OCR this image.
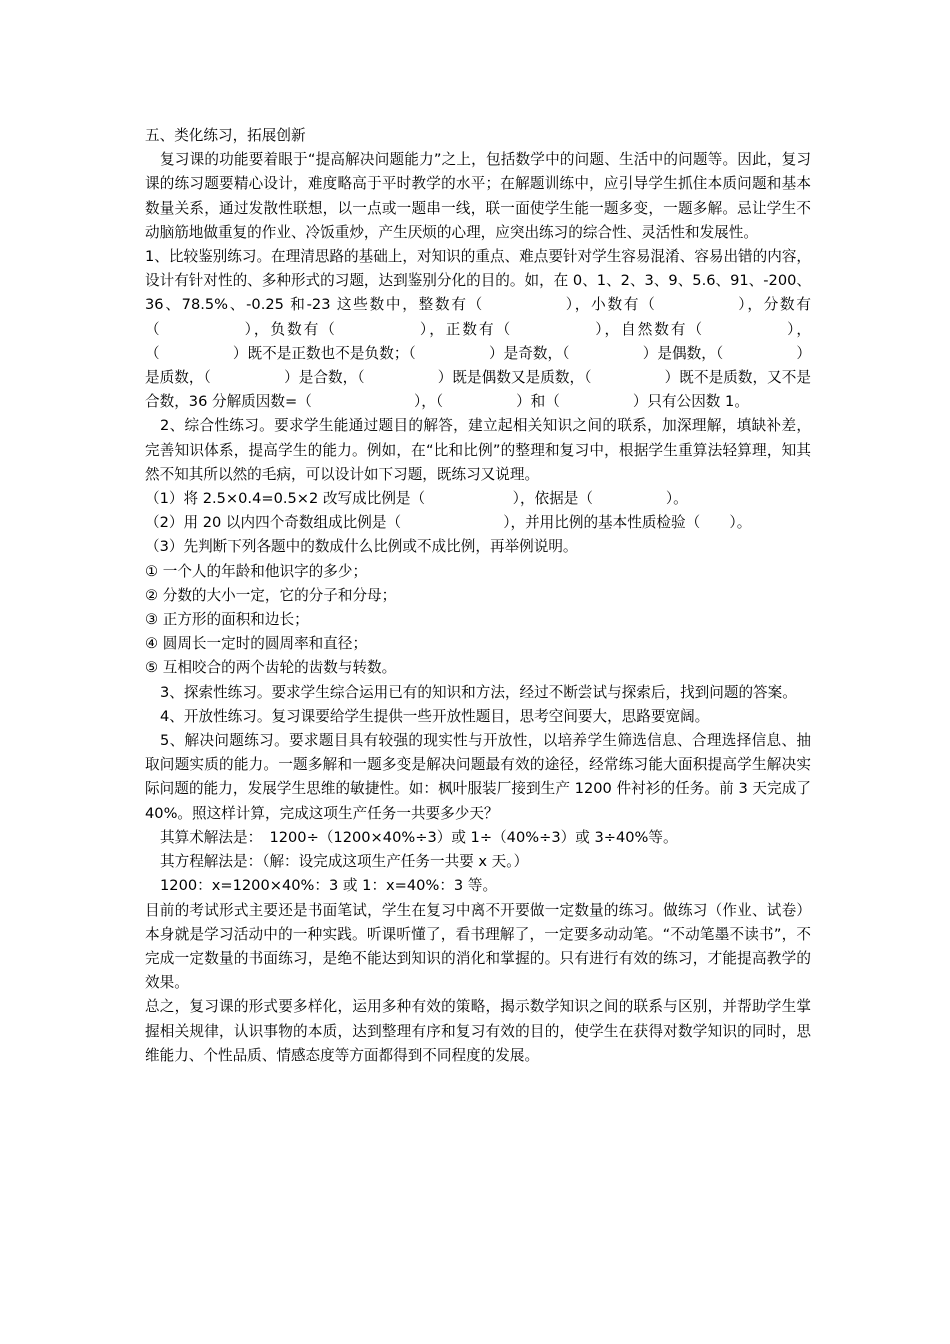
五、类化练习，拓展创新

复习课的功能要着眼于“提高解决问题能力”之上，包括数学中的问题、生活中的问题等。因此，复习课的练习题要精心设计，难度略高于平时教学的水平；在解题训练中，应引导学生抓住本质问题和基本数量关系，通过发散性联想，以一点或一题串一线，联一面使学生能一题多变，一题多解。忌让学生不动脑筋地做重复的作业、冷饭重炒，产生厌烦的心理，应突出练习的综合性、灵活性和发展性。

1、比较鉴别练习。在理清思路的基础上，对知识的重点、难点要针对学生容易混淆、容易出错的内容，设计有针对性的、多种形式的习题，达到鉴别分化的目的。如，在 0、1、2、3、9、5.6、91、-200、36、78.5%、-0.25 和-23 这些数中，整数有（　　　　　），小数有（　　　　　），分数有（　　　　　），负数有（　　　　　），正数有（　　　　　），自然数有（　　　　　），（　　　　　）既不是正数也不是负数；（　　　　　）是奇数，（　　　　　）是偶数，（　　　　　）是质数，（　　　　　）是合数，（　　　　　）既是偶数又是质数，（　　　　　）既不是质数，又不是合数，36 分解质因数=（　　　　　　　），（　　　　　）和（　　　　　）只有公因数 1。

2、综合性练习。要求学生能通过题目的解答，建立起相关知识之间的联系，加深理解，填缺补差，完善知识体系，提高学生的能力。例如，在“比和比例”的整理和复习中，根据学生重算法轻算理，知其然不知其所以然的毛病，可以设计如下习题，既练习又说理。

（1）将 2.5×0.4=0.5×2 改写成比例是（　　　　　　），依据是（　　　　　）。

（2）用 20 以内四个奇数组成比例是（　　　　　　　），并用比例的基本性质检验（　　）。

（3）先判断下列各题中的数成什么比例或不成比例，再举例说明。

① 一个人的年龄和他识字的多少；

② 分数的大小一定，它的分子和分母；

③ 正方形的面积和边长；

④ 圆周长一定时的圆周率和直径；

⑤ 互相咬合的两个齿轮的齿数与转数。

3、探索性练习。要求学生综合运用已有的知识和方法，经过不断尝试与探索后，找到问题的答案。

4、开放性练习。复习课要给学生提供一些开放性题目，思考空间要大，思路要宽阔。

5、解决问题练习。要求题目具有较强的现实性与开放性，以培养学生筛选信息、合理选择信息、抽取问题实质的能力。一题多解和一题多变是解决问题最有效的途径，经常练习能大面积提高学生解决实际问题的能力，发展学生思维的敏捷性。如：枫叶服装厂接到生产 1200 件衬衫的任务。前 3 天完成了 40%。照这样计算，完成这项生产任务一共要多少天？

其算术解法是：　1200÷（1200×40%÷3）或 1÷（40%÷3）或 3÷40%等。

其方程解法是：（解：设完成这项生产任务一共要 x 天。）

1200：x=1200×40%：3 或 1：x=40%：3 等。

目前的考试形式主要还是书面笔试，学生在复习中离不开要做一定数量的练习。做练习（作业、试卷）本身就是学习活动中的一种实践。听课听懂了，看书理解了，一定要多动动笔。“不动笔墨不读书”，不完成一定数量的书面练习，是绝不能达到知识的消化和掌握的。只有进行有效的练习，才能提高教学的效果。

总之，复习课的形式要多样化，运用多种有效的策略，揭示数学知识之间的联系与区别，并帮助学生掌握相关规律，认识事物的本质，达到整理有序和复习有效的目的，使学生在获得对数学知识的同时，思维能力、个性品质、情感态度等方面都得到不同程度的发展。
